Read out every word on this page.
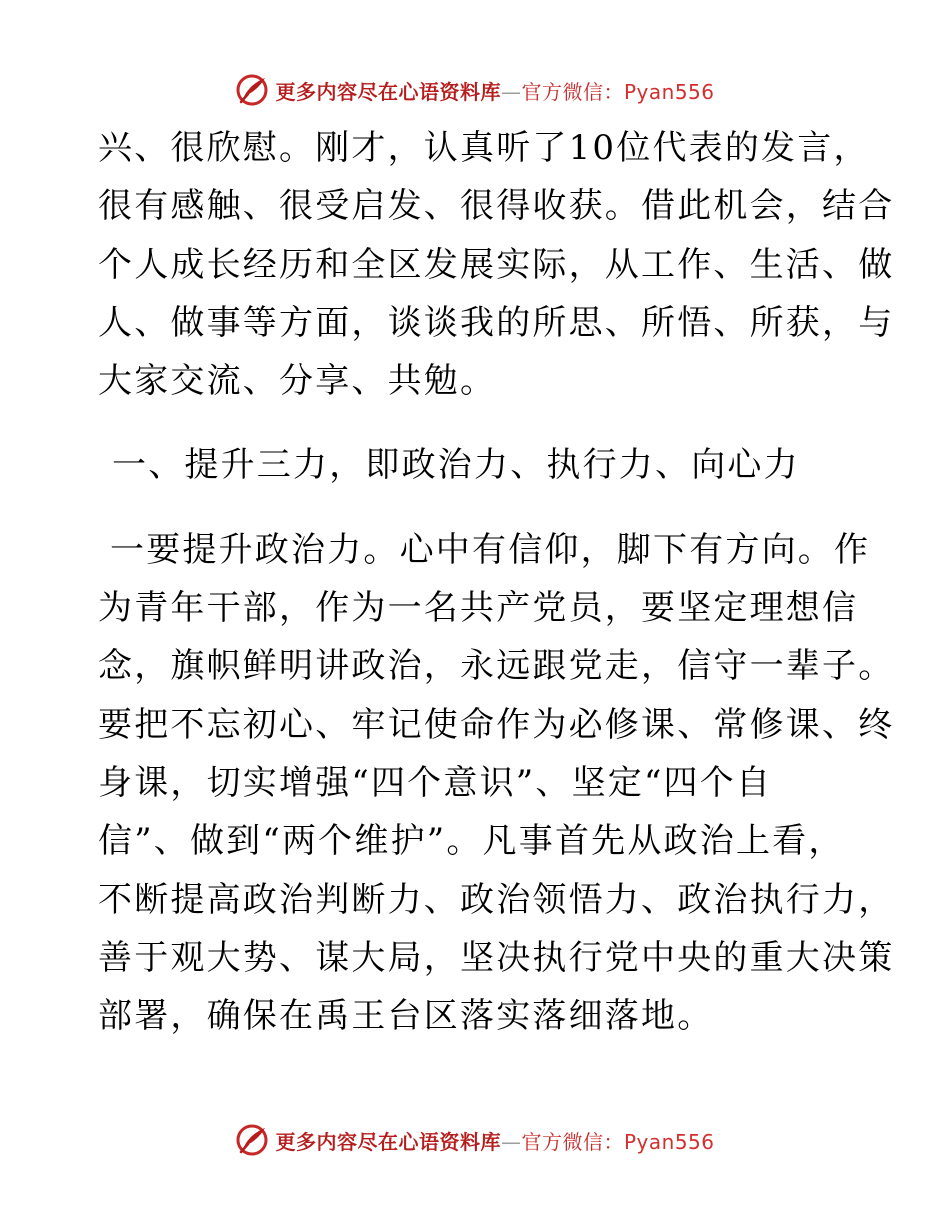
更多内容尽在心语资料库—官方微信：Pyan556
兴、很欣慰。刚才，认真听了10位代表的发言，
很有感触、很受启发、很得收获。借此机会，结合
个人成长经历和全区发展实际，从工作、生活、做
人、做事等方面，谈谈我的所思、所悟、所获，与
大家交流、分享、共勉。
一、提升三力，即政治力、执行力、向心力
一要提升政治力。心中有信仰，脚下有方向。作
为青年干部，作为一名共产党员，要坚定理想信
念，旗帜鲜明讲政治，永远跟党走，信守一辈子。
要把不忘初心、牢记使命作为必修课、常修课、终
身课，切实增强“四个意识”、坚定“四个自
信”、做到“两个维护”。凡事首先从政治上看，
不断提高政治判断力、政治领悟力、政治执行力，
善于观大势、谋大局，坚决执行党中央的重大决策
部署，确保在禹王台区落实落细落地。
更多内容尽在心语资料库—官方微信：Pyan556
